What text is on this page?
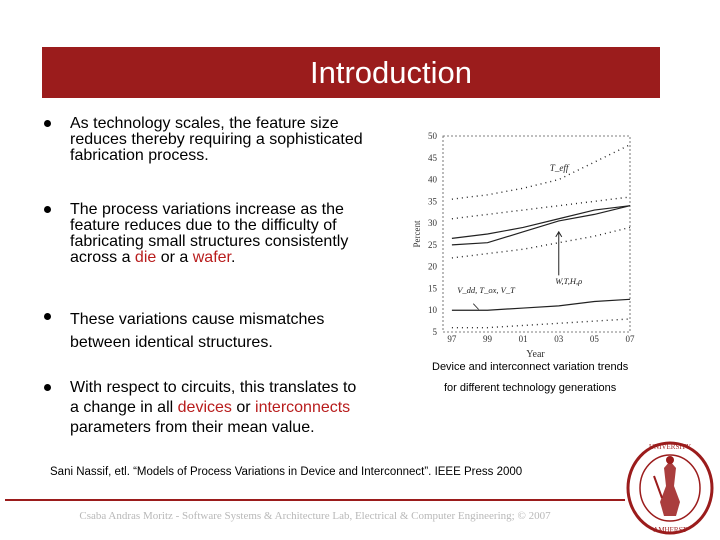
Introduction
As technology scales, the feature size
reduces thereby requiring a sophisticated
fabrication process.
The process variations increase as the
feature reduces due to the difficulty of
fabricating small structures consistently
across a die or a wafer.
These variations cause mismatches
between identical structures.
With respect to circuits, this translates to
a change in all devices or interconnects
parameters from their mean value.
5
10
15
20
25
30
35
40
45
50
97	99	01	03	05	07
Percent
Year
T_eff
W,T,H,ρ
V_dd, T_ox, V_T
Device and interconnect variation trends
for different technology generations
Sani Nassif, etl. “Models of Process Variations in Device and Interconnect”. IEEE Press 2000
Csaba Andras Moritz - Software Systems & Architecture Lab, Electrical & Computer Engineering; © 2007
UNIVERSITY
AMHERST
